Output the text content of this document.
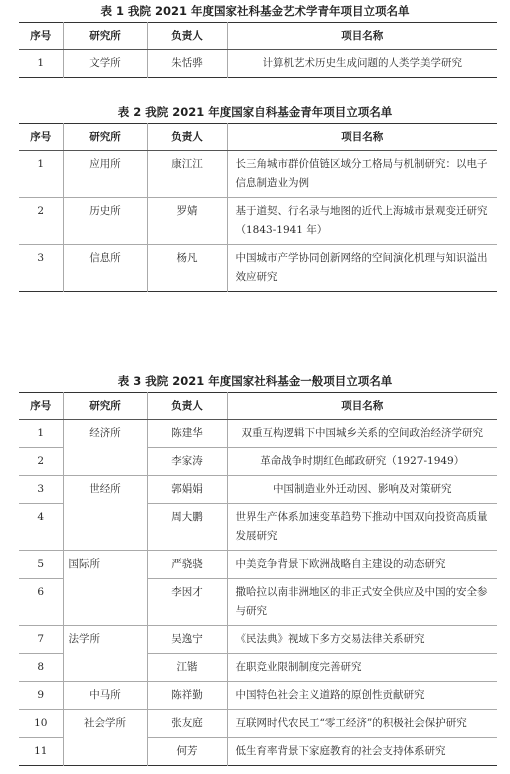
表 1 我院 2021 年度国家社科基金艺术学青年项目立项名单
序号	研究所	负责人	项目名称
1	文学所	朱恬骅	计算机艺术历史生成问题的人类学美学研究
表 2 我院 2021 年度国家自科基金青年项目立项名单
序号	研究所	负责人	项目名称
1	应用所	康江江	长三角城市群价值链区域分工格局与机制研究：以电子信息制造业为例
2	历史所	罗婧	基于道契、行名录与地图的近代上海城市景观变迁研究（1843-1941 年）
3	信息所	杨凡	中国城市产学协同创新网络的空间演化机理与知识溢出效应研究
表 3 我院 2021 年度国家社科基金一般项目立项名单
序号	研究所	负责人	项目名称
1	经济所	陈建华	双重互构逻辑下中国城乡关系的空间政治经济学研究
2		李家涛	革命战争时期红色邮政研究（1927-1949）
3	世经所	郭娟娟	中国制造业外迁动因、影响及对策研究
4		周大鹏	世界生产体系加速变革趋势下推动中国双向投资高质量发展研究
5	国际所	严骁骁	中美竞争背景下欧洲战略自主建设的动态研究
6		李因才	撒哈拉以南非洲地区的非正式安全供应及中国的安全参与研究
7	法学所	吴逸宁	《民法典》视域下多方交易法律关系研究
8		江锴	在职竞业限制制度完善研究
9	中马所	陈祥勤	中国特色社会主义道路的原创性贡献研究
10	社会学所	张友庭	互联网时代农民工“零工经济”的积极社会保护研究
11		何芳	低生育率背景下家庭教育的社会支持体系研究
